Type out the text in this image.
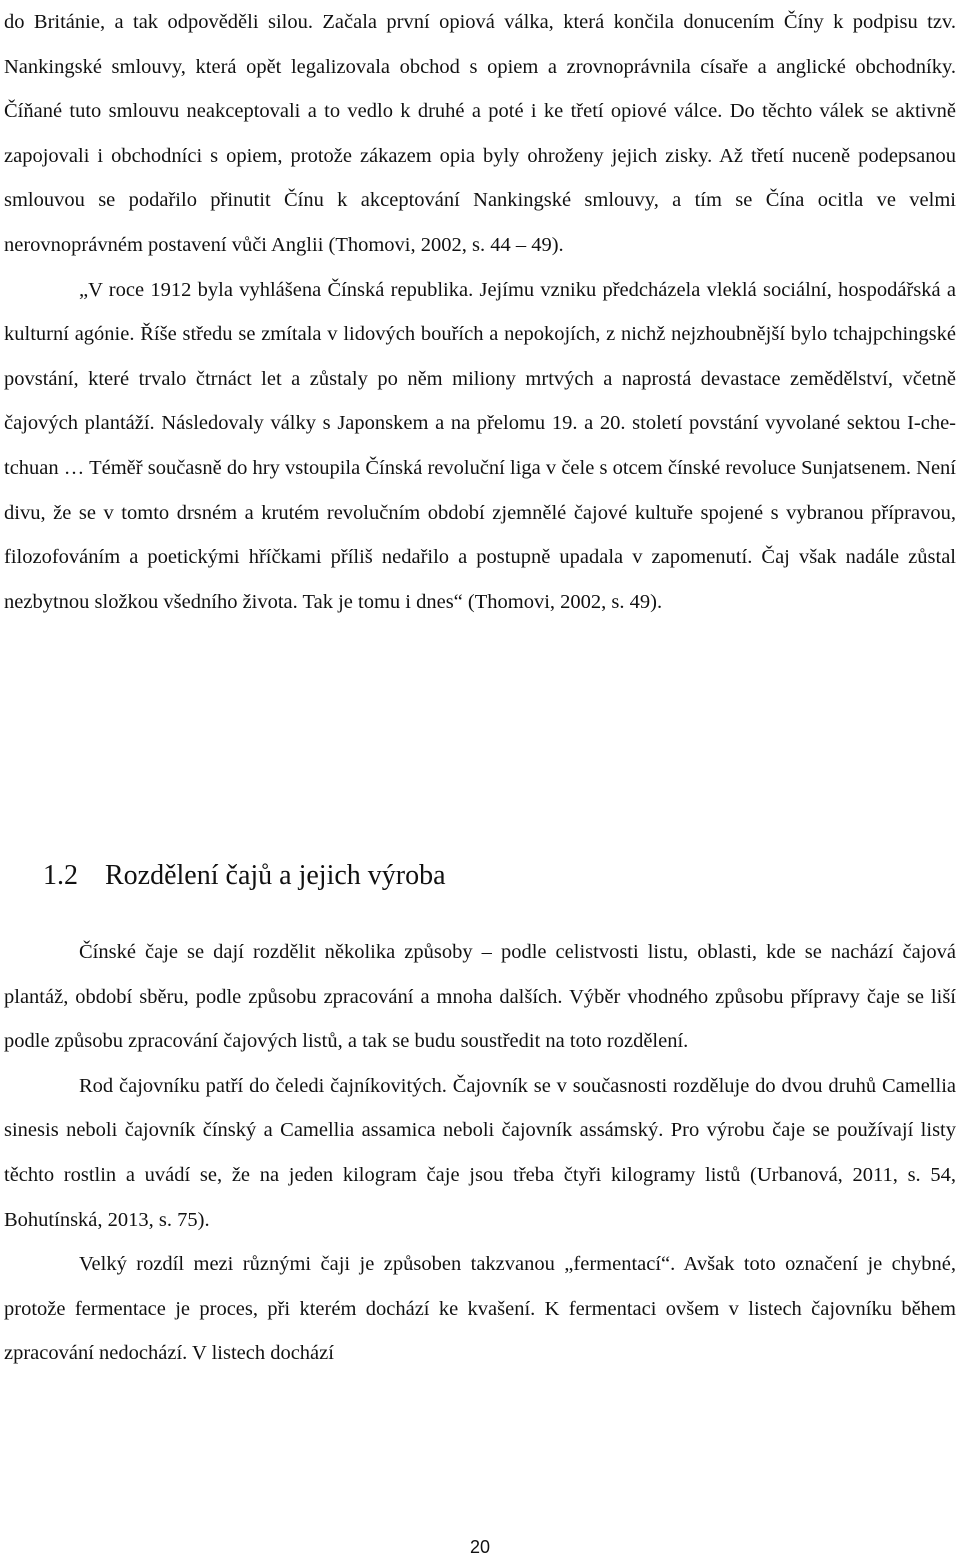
do Británie, a tak odpověděli silou. Začala první opiová válka, která končila donucením Číny k podpisu tzv. Nankingské smlouvy, která opět legalizovala obchod s opiem a zrovnoprávnila císaře a anglické obchodníky. Číňané tuto smlouvu neakceptovali a to vedlo k druhé a poté i ke třetí opiové válce. Do těchto válek se aktivně zapojovali i obchodníci s opiem, protože zákazem opia byly ohroženy jejich zisky. Až třetí nuceně podepsanou smlouvou se podařilo přinutit Čínu k akceptování Nankingské smlouvy, a tím se Čína ocitla ve velmi nerovnoprávném postavení vůči Anglii (Thomovi, 2002, s. 44 – 49).

„V roce 1912 byla vyhlášena Čínská republika. Jejímu vzniku předcházela vleklá sociální, hospodářská a kulturní agónie. Říše středu se zmítala v lidových bouřích a nepokojích, z nichž nejzhoubnější bylo tchajpchingské povstání, které trvalo čtrnáct let a zůstaly po něm miliony mrtvých a naprostá devastace zemědělství, včetně čajových plantáží. Následovaly války s Japonskem a na přelomu 19. a 20. století povstání vyvolané sektou I-che-tchuan … Téměř současně do hry vstoupila Čínská revoluční liga v čele s otcem čínské revoluce Sunjatsenem. Není divu, že se v tomto drsném a krutém revolučním období zjemnělé čajové kultuře spojené s vybranou přípravou, filozofováním a poetickými hříčkami příliš nedařilo a postupně upadala v zapomenutí. Čaj však nadále zůstal nezbytnou složkou všedního života. Tak je tomu i dnes“ (Thomovi, 2002, s. 49).

1.2 Rozdělení čajů a jejich výroba

Čínské čaje se dají rozdělit několika způsoby – podle celistvosti listu, oblasti, kde se nachází čajová plantáž, období sběru, podle způsobu zpracování a mnoha dalších. Výběr vhodného způsobu přípravy čaje se liší podle způsobu zpracování čajových listů, a tak se budu soustředit na toto rozdělení.

Rod čajovníku patří do čeledi čajníkovitých. Čajovník se v současnosti rozděluje do dvou druhů Camellia sinesis neboli čajovník čínský a Camellia assamica neboli čajovník assámský. Pro výrobu čaje se používají listy těchto rostlin a uvádí se, že na jeden kilogram čaje jsou třeba čtyři kilogramy listů (Urbanová, 2011, s. 54, Bohutínská, 2013, s. 75).

Velký rozdíl mezi různými čaji je způsoben takzvanou „fermentací“. Avšak toto označení je chybné, protože fermentace je proces, při kterém dochází ke kvašení. K fermentaci ovšem v listech čajovníku během zpracování nedochází. V listech dochází

20
